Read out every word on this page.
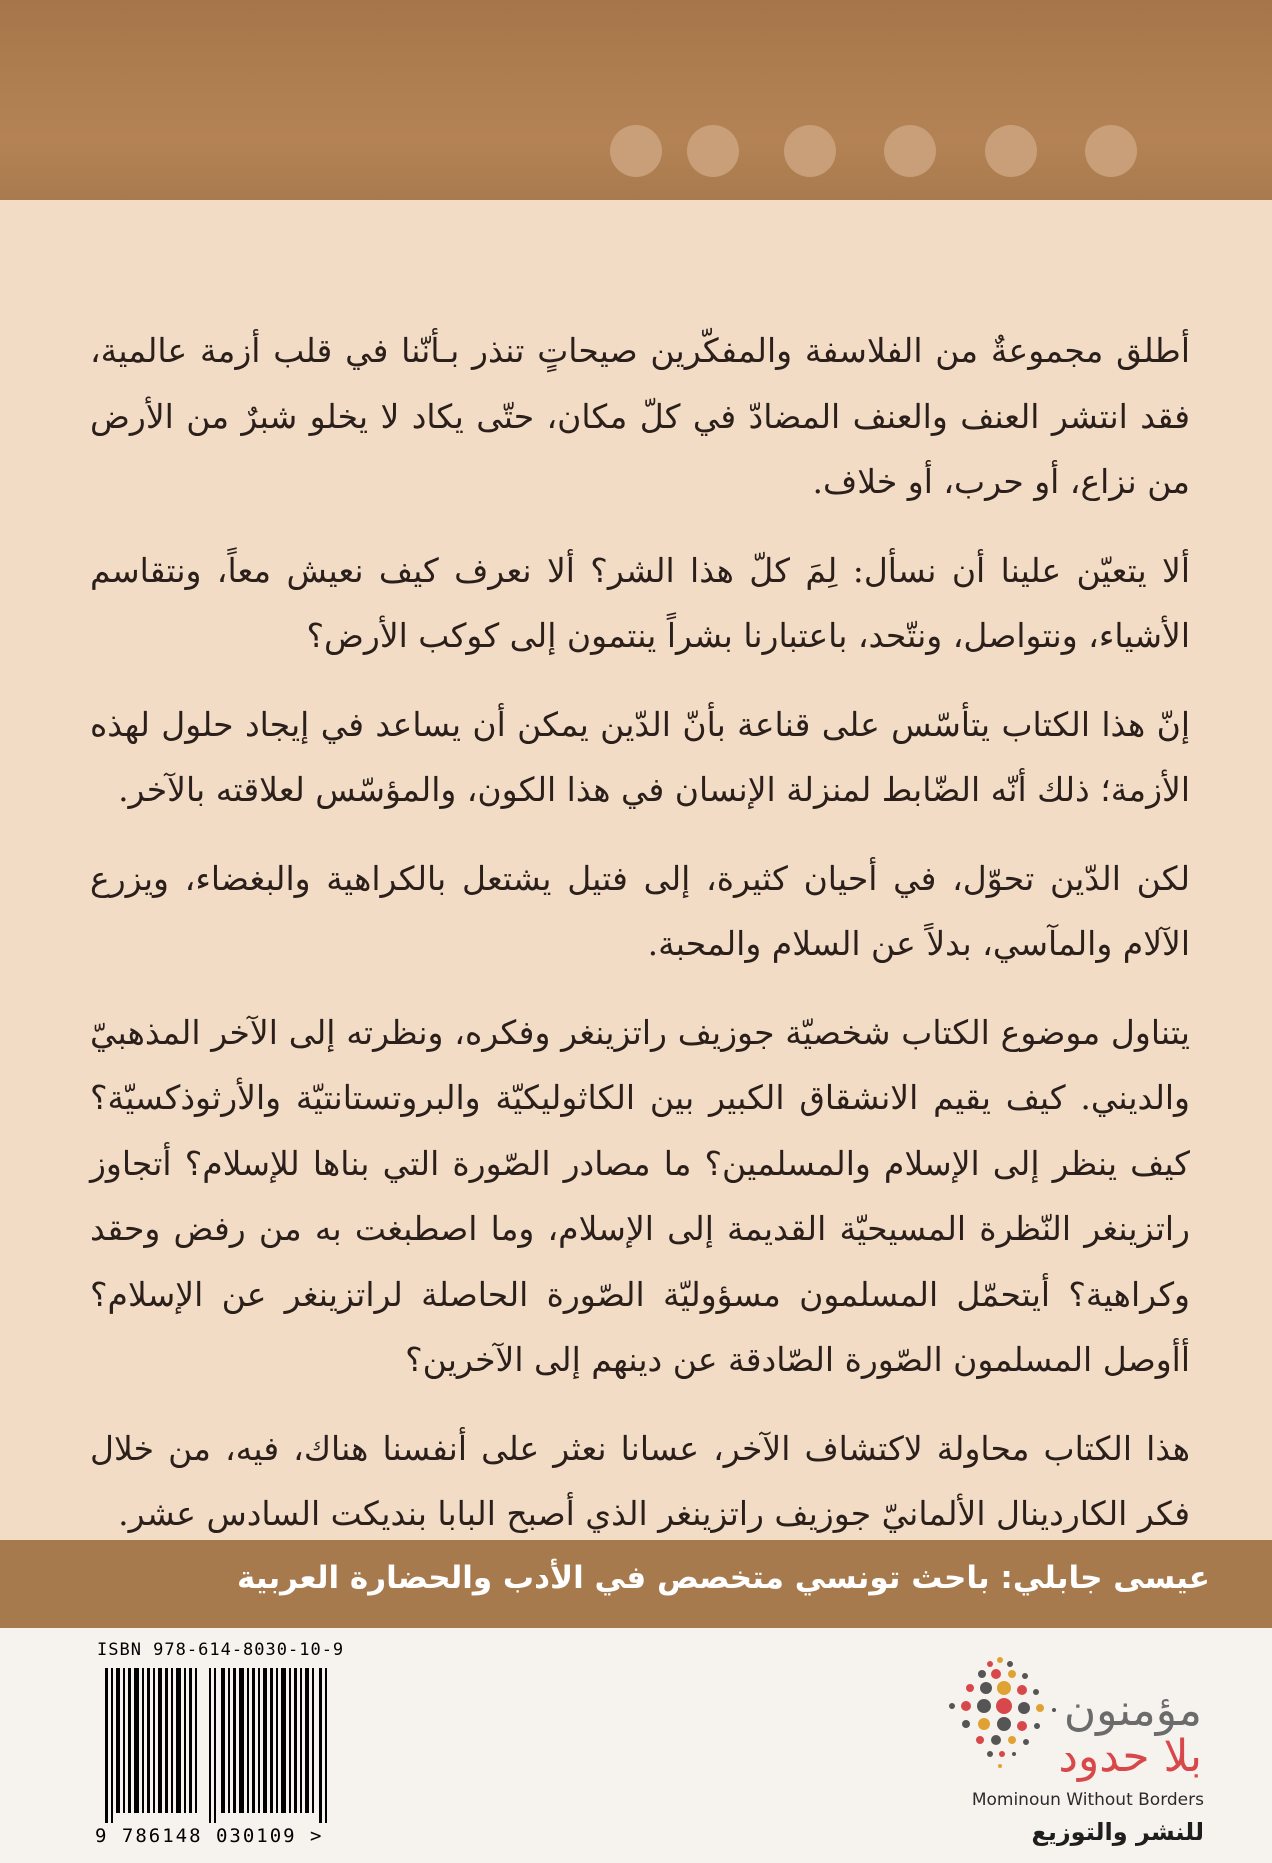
أطلق مجموعةٌ من الفلاسفة والمفكّرين صيحاتٍ تنذر بـأنّنا في قلب أزمة عالمية، فقد انتشر العنف والعنف المضادّ في كلّ مكان، حتّى يكاد لا يخلو شبرٌ من الأرض من نزاع، أو حرب، أو خلاف.

ألا يتعيّن علينا أن نسأل: لِمَ كلّ هذا الشر؟ ألا نعرف كيف نعيش معاً، ونتقاسم الأشياء، ونتواصل، ونتّحد، باعتبارنا بشراً ينتمون إلى كوكب الأرض؟

إنّ هذا الكتاب يتأسّس على قناعة بأنّ الدّين يمكن أن يساعد في إيجاد حلول لهذه الأزمة؛ ذلك أنّه الضّابط لمنزلة الإنسان في هذا الكون، والمؤسّس لعلاقته بالآخر.

لكن الدّين تحوّل، في أحيان كثيرة، إلى فتيل يشتعل بالكراهية والبغضاء، ويزرع الآلام والمآسي، بدلاً عن السلام والمحبة.

يتناول موضوع الكتاب شخصيّة جوزيف راتزينغر وفكره، ونظرته إلى الآخر المذهبيّ والديني. كيف يقيم الانشقاق الكبير بين الكاثوليكيّة والبروتستانتيّة والأرثوذكسيّة؟ كيف ينظر إلى الإسلام والمسلمين؟ ما مصادر الصّورة التي بناها للإسلام؟ أتجاوز راتزينغر النّظرة المسيحيّة القديمة إلى الإسلام، وما اصطبغت به من رفض وحقد وكراهية؟ أيتحمّل المسلمون مسؤوليّة الصّورة الحاصلة لراتزينغر عن الإسلام؟ أأوصل المسلمون الصّورة الصّادقة عن دينهم إلى الآخرين؟

هذا الكتاب محاولة لاكتشاف الآخر، عسانا نعثر على أنفسنا هناك، فيه، من خلال فكر الكاردينال الألمانيّ جوزيف راتزينغر الذي أصبح البابا بنديكت السادس عشر.

عيسى جابلي: باحث تونسي متخصص في الأدب والحضارة العربية
ISBN 978-614-8030-10-9
9 786148 030109 >
مؤمنون
بلا حدود
Mominoun Without Borders
للنشر والتوزيع
